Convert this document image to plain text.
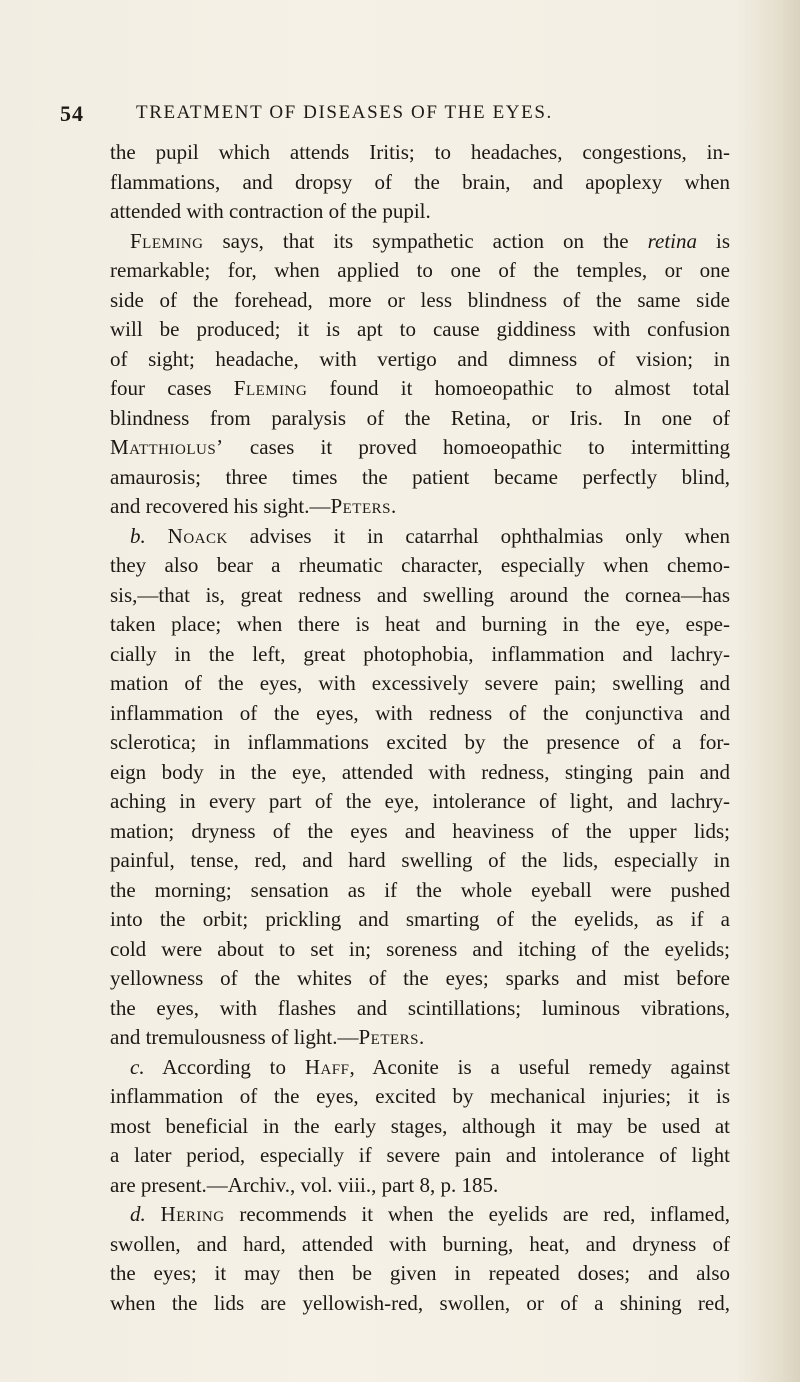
54	TREATMENT OF DISEASES OF THE EYES.
the pupil which attends Iritis; to headaches, congestions, in-
flammations, and dropsy of the brain, and apoplexy when
attended with contraction of the pupil.
Fleming says, that its sympathetic action on the retina is
remarkable; for, when applied to one of the temples, or one
side of the forehead, more or less blindness of the same side
will be produced; it is apt to cause giddiness with confusion
of sight; headache, with vertigo and dimness of vision; in
four cases Fleming found it homoeopathic to almost total
blindness from paralysis of the Retina, or Iris. In one of
Matthiolus’ cases it proved homoeopathic to intermitting
amaurosis; three times the patient became perfectly blind,
and recovered his sight.—Peters.
b. Noack advises it in catarrhal ophthalmias only when
they also bear a rheumatic character, especially when chemo-
sis,—that is, great redness and swelling around the cornea—has
taken place; when there is heat and burning in the eye, espe-
cially in the left, great photophobia, inflammation and lachry-
mation of the eyes, with excessively severe pain; swelling and
inflammation of the eyes, with redness of the conjunctiva and
sclerotica; in inflammations excited by the presence of a for-
eign body in the eye, attended with redness, stinging pain and
aching in every part of the eye, intolerance of light, and lachry-
mation; dryness of the eyes and heaviness of the upper lids;
painful, tense, red, and hard swelling of the lids, especially in
the morning; sensation as if the whole eyeball were pushed
into the orbit; prickling and smarting of the eyelids, as if a
cold were about to set in; soreness and itching of the eyelids;
yellowness of the whites of the eyes; sparks and mist before
the eyes, with flashes and scintillations; luminous vibrations,
and tremulousness of light.—Peters.
c. According to Haff, Aconite is a useful remedy against
inflammation of the eyes, excited by mechanical injuries; it is
most beneficial in the early stages, although it may be used at
a later period, especially if severe pain and intolerance of light
are present.—Archiv., vol. viii., part 8, p. 185.
d. Hering recommends it when the eyelids are red, inflamed,
swollen, and hard, attended with burning, heat, and dryness of
the eyes; it may then be given in repeated doses; and also
when the lids are yellowish-red, swollen, or of a shining red,
